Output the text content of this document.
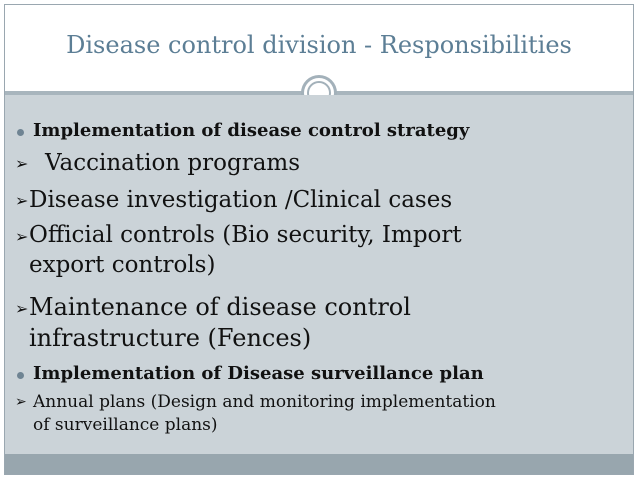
Disease control division - Responsibilities
Implementation of disease control strategy
➢ Vaccination programs
➢ Disease investigation /Clinical cases
➢ Official controls (Bio security, Import
export controls)
➢ Maintenance of disease control
infrastructure (Fences)
Implementation of Disease surveillance plan
➢ Annual plans (Design and monitoring implementation
of surveillance plans)
